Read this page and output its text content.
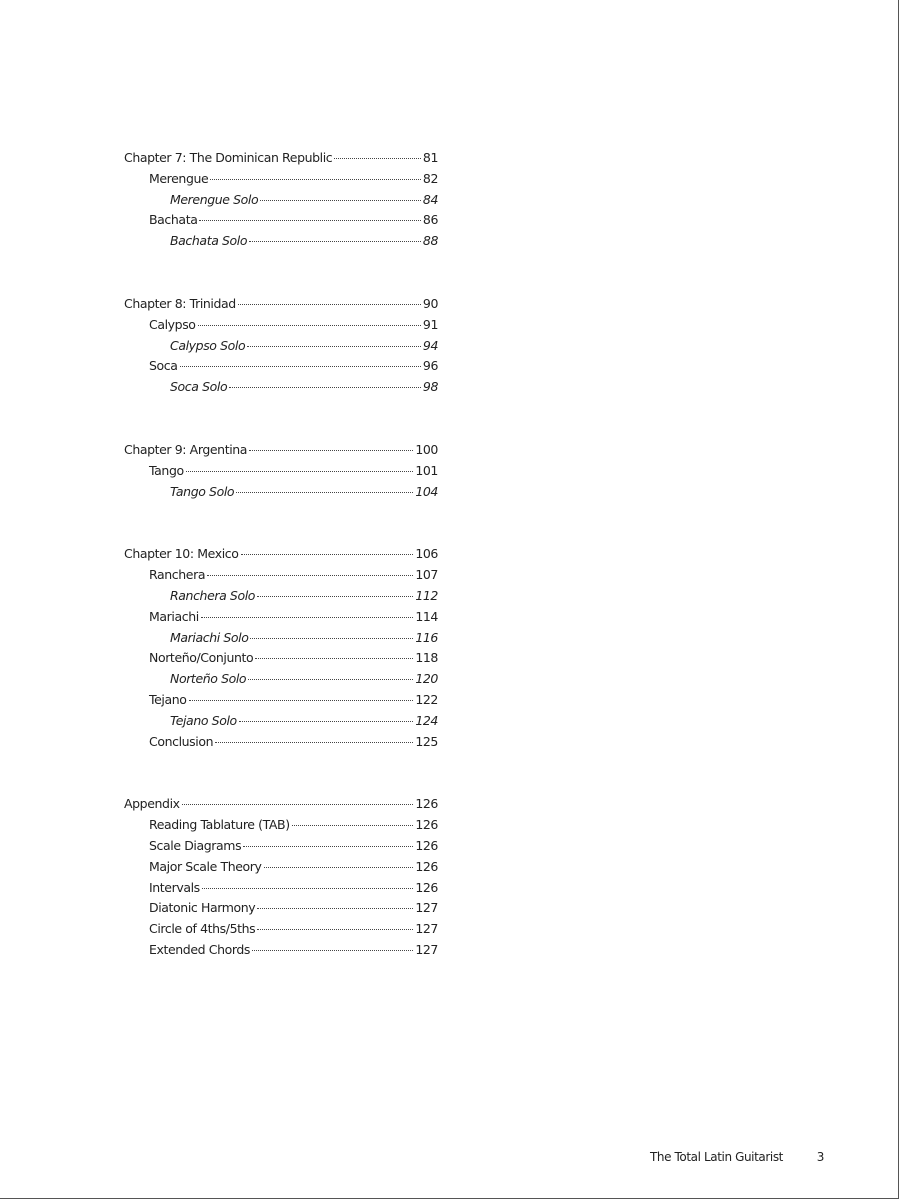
Chapter 7: The Dominican Republic	81
Merengue	82
Merengue Solo	84
Bachata	86
Bachata Solo	88
Chapter 8: Trinidad	90
Calypso	91
Calypso Solo	94
Soca	96
Soca Solo	98
Chapter 9: Argentina	100
Tango	101
Tango Solo	104
Chapter 10: Mexico	106
Ranchera	107
Ranchera Solo	112
Mariachi	114
Mariachi Solo	116
Norteño/Conjunto	118
Norteño Solo	120
Tejano	122
Tejano Solo	124
Conclusion	125
Appendix	126
Reading Tablature (TAB)	126
Scale Diagrams	126
Major Scale Theory	126
Intervals	126
Diatonic Harmony	127
Circle of 4ths/5ths	127
Extended Chords	127
The Total Latin Guitarist	3
